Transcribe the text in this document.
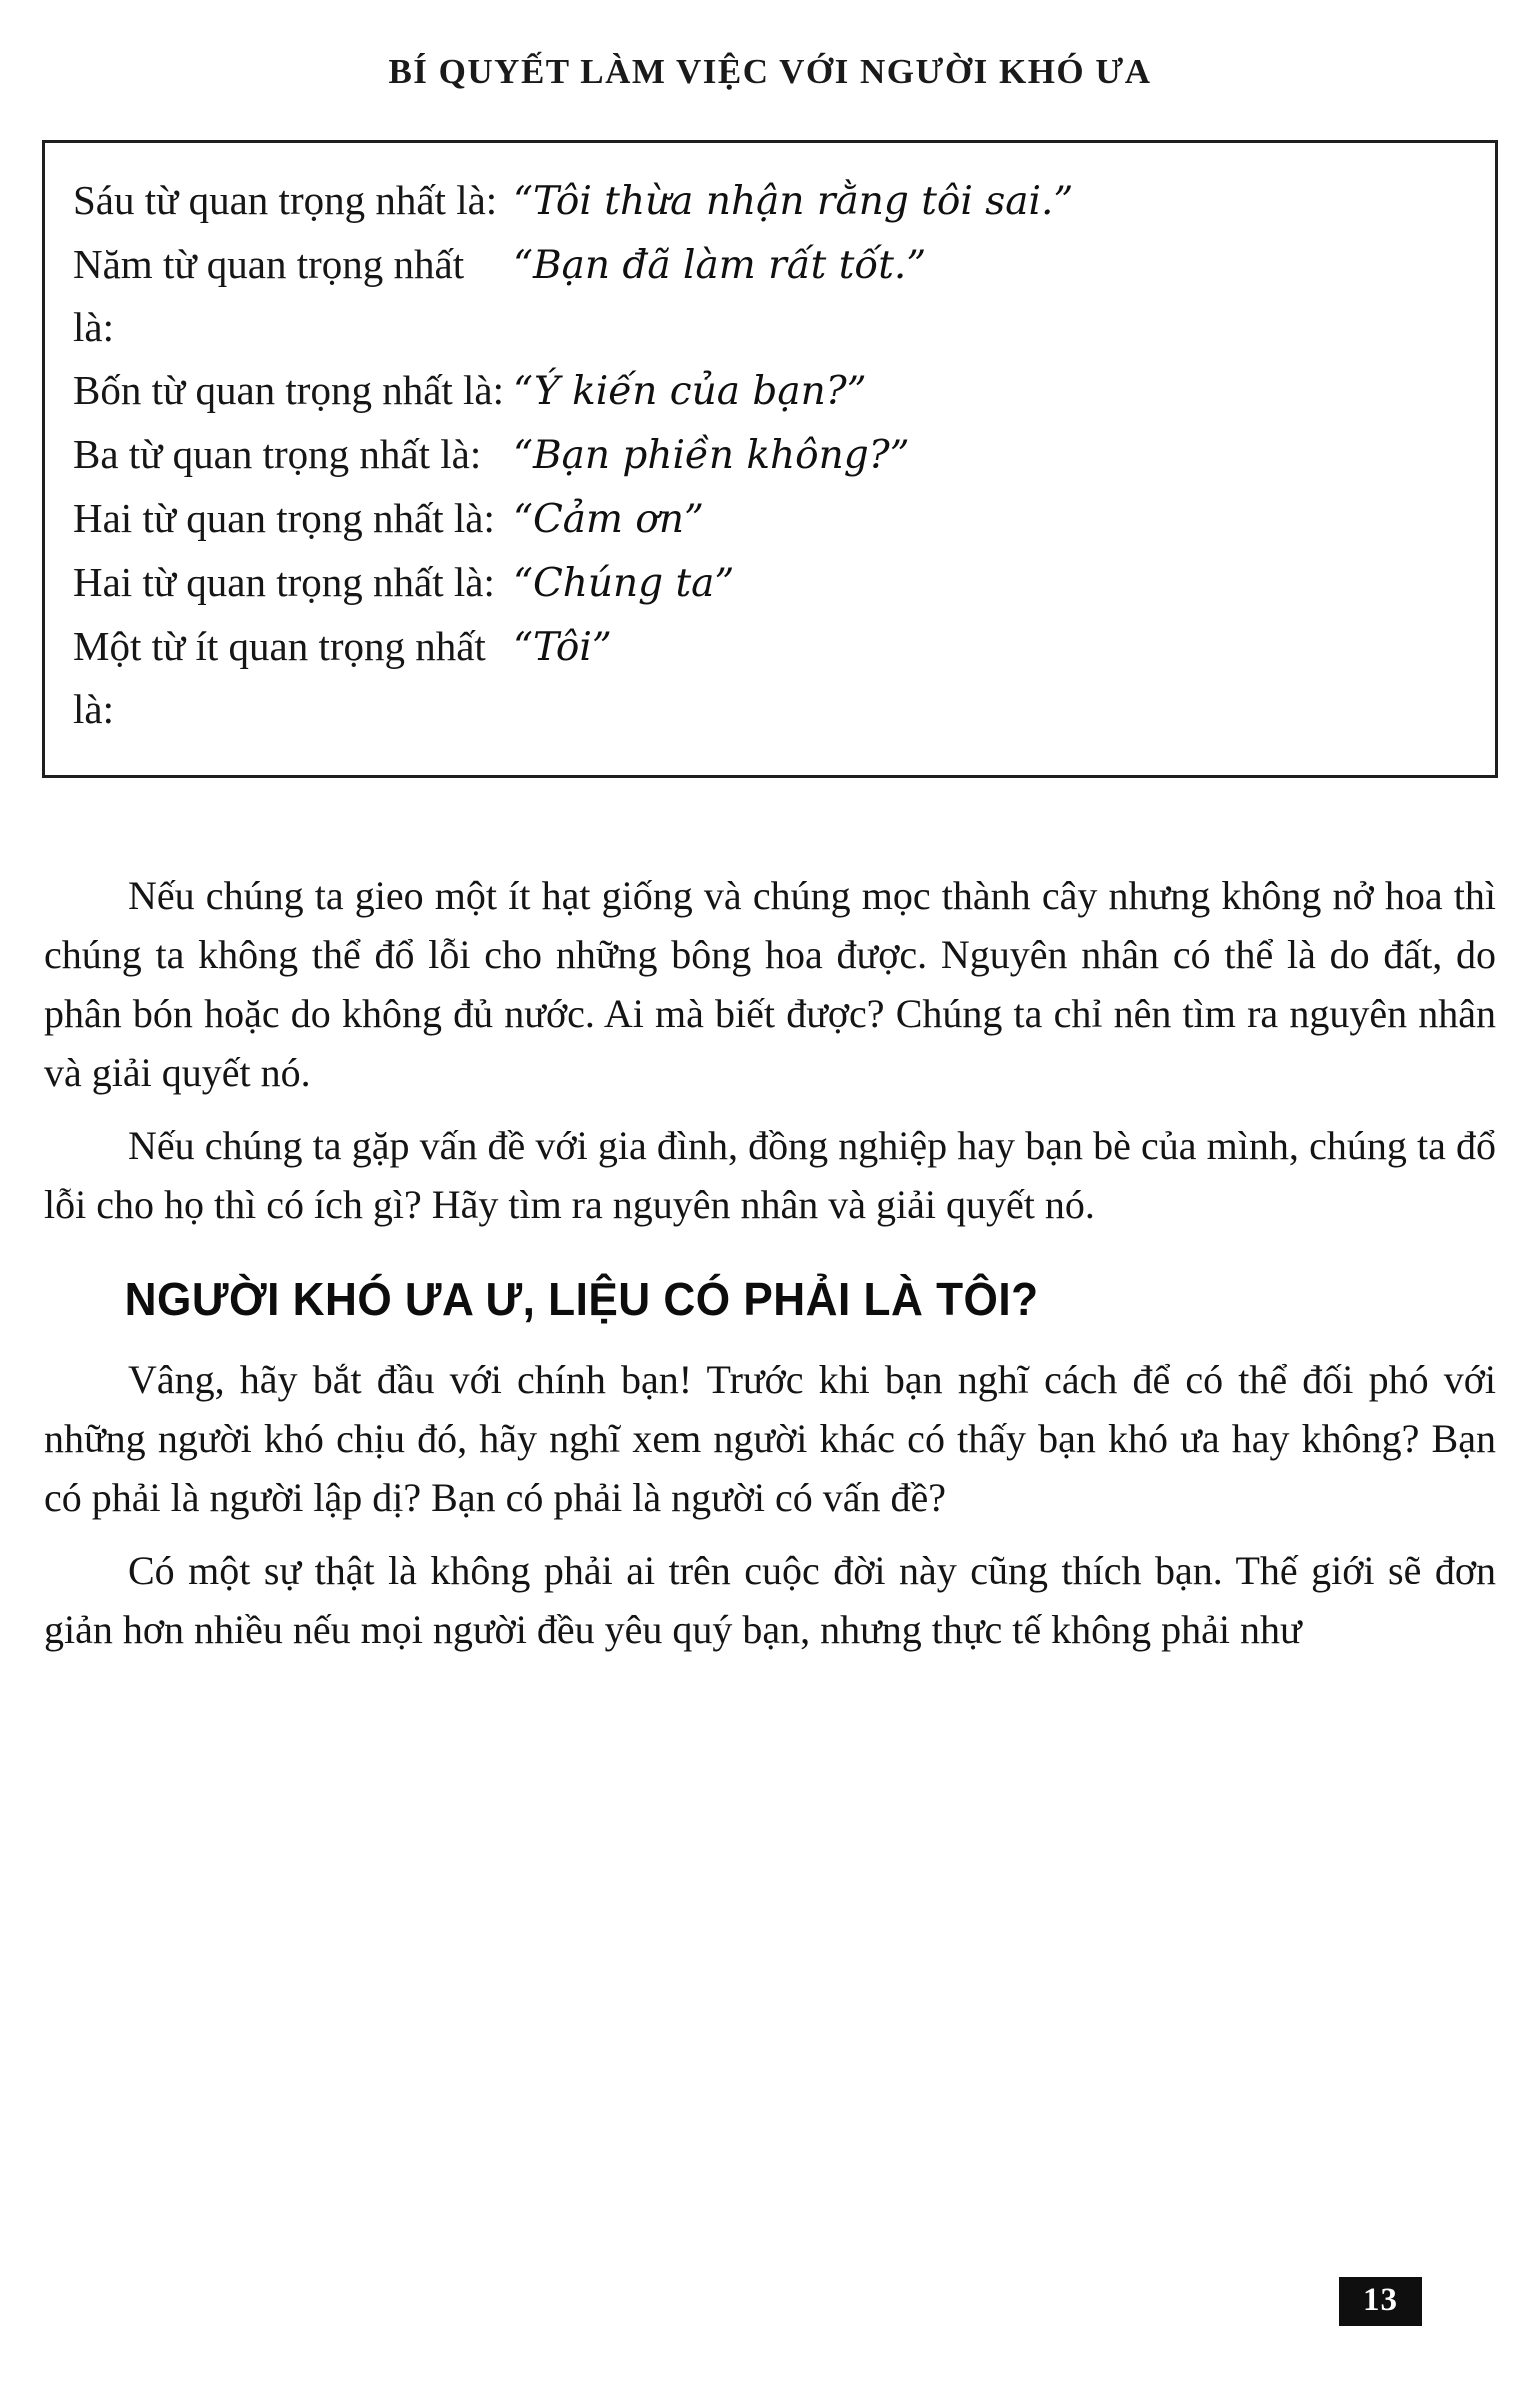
BÍ QUYẾT LÀM VIỆC VỚI NGƯỜI KHÓ ƯA
Sáu từ quan trọng nhất là: “Tôi thừa nhận rằng tôi sai.”
Năm từ quan trọng nhất là:
“Bạn đã làm rất tốt.”
Bốn từ quan trọng nhất là: “Ý kiến của bạn?”
Ba từ quan trọng nhất là: “Bạn phiền không?”
Hai từ quan trọng nhất là: “Cảm ơn”
Hai từ quan trọng nhất là: “Chúng ta”
Một từ ít quan trọng nhất là:
“Tôi”

Nếu chúng ta gieo một ít hạt giống và chúng mọc thành cây nhưng không nở hoa thì chúng ta không thể đổ lỗi cho những bông hoa được. Nguyên nhân có thể là do đất, do phân bón hoặc do không đủ nước. Ai mà biết được? Chúng ta chỉ nên tìm ra nguyên nhân và giải quyết nó.

Nếu chúng ta gặp vấn đề với gia đình, đồng nghiệp hay bạn bè của mình, chúng ta đổ lỗi cho họ thì có ích gì? Hãy tìm ra nguyên nhân và giải quyết nó.

NGƯỜI KHÓ ƯA Ư, LIỆU CÓ PHẢI LÀ TÔI?

Vâng, hãy bắt đầu với chính bạn! Trước khi bạn nghĩ cách để có thể đối phó với những người khó chịu đó, hãy nghĩ xem người khác có thấy bạn khó ưa hay không? Bạn có phải là người lập dị? Bạn có phải là người có vấn đề?

Có một sự thật là không phải ai trên cuộc đời này cũng thích bạn. Thế giới sẽ đơn giản hơn nhiều nếu mọi người đều yêu quý bạn, nhưng thực tế không phải như

13
